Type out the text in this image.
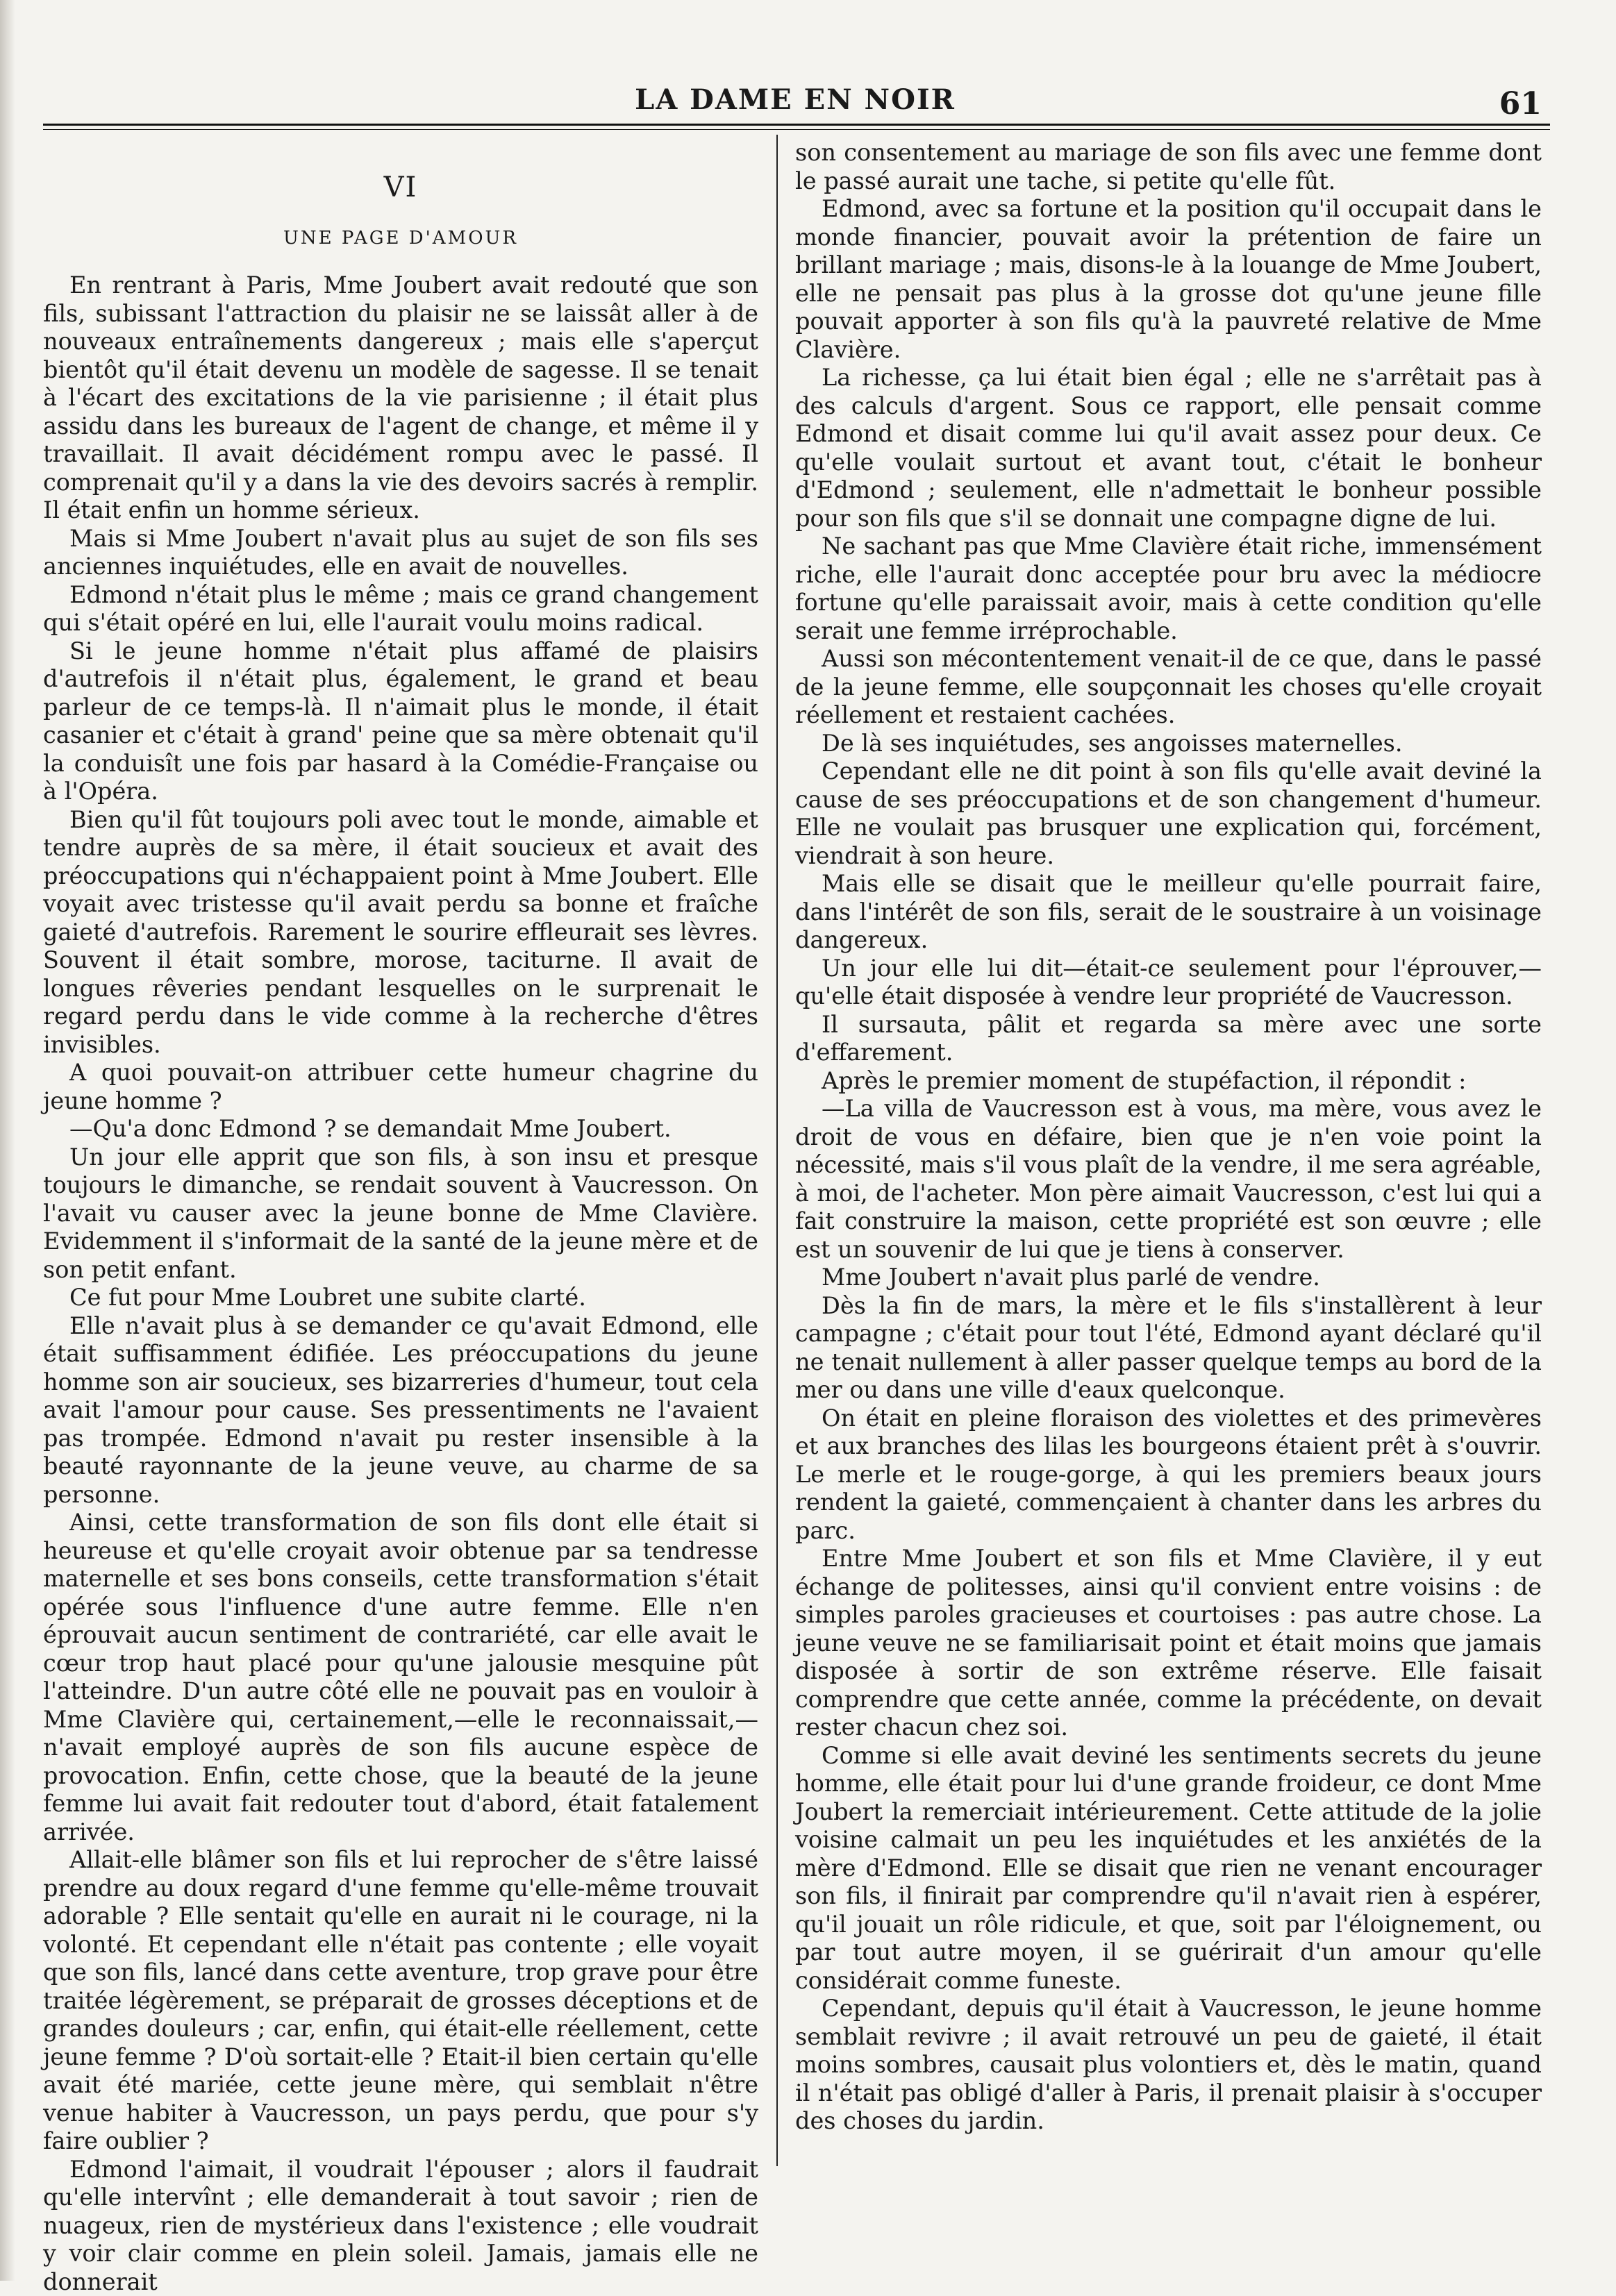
LA DAME EN NOIR	61
VI
UNE PAGE D'AMOUR

En rentrant à Paris, Mme Joubert avait redouté que son fils, subissant l'attraction du plaisir ne se laissât aller à de nouveaux entraînements dangereux ; mais elle s'aperçut bientôt qu'il était devenu un modèle de sagesse. Il se tenait à l'écart des excitations de la vie parisienne ; il était plus assidu dans les bureaux de l'agent de change, et même il y travaillait. Il avait décidément rompu avec le passé. Il comprenait qu'il y a dans la vie des devoirs sacrés à remplir. Il était enfin un homme sérieux.

Mais si Mme Joubert n'avait plus au sujet de son fils ses anciennes inquiétudes, elle en avait de nouvelles.

Edmond n'était plus le même ; mais ce grand changement qui s'était opéré en lui, elle l'aurait voulu moins radical.

Si le jeune homme n'était plus affamé de plaisirs d'autrefois il n'était plus, également, le grand et beau parleur de ce temps-là. Il n'aimait plus le monde, il était casanier et c'était à grand' peine que sa mère obtenait qu'il la conduisît une fois par hasard à la Comédie-Française ou à l'Opéra.

Bien qu'il fût toujours poli avec tout le monde, aimable et tendre auprès de sa mère, il était soucieux et avait des préoccupations qui n'échappaient point à Mme Joubert. Elle voyait avec tristesse qu'il avait perdu sa bonne et fraîche gaieté d'autrefois. Rarement le sourire effleurait ses lèvres. Souvent il était sombre, morose, taciturne. Il avait de longues rêveries pendant lesquelles on le surprenait le regard perdu dans le vide comme à la recherche d'êtres invisibles.

A quoi pouvait-on attribuer cette humeur chagrine du jeune homme ?

—Qu'a donc Edmond ? se demandait Mme Joubert.

Un jour elle apprit que son fils, à son insu et presque toujours le dimanche, se rendait souvent à Vaucresson. On l'avait vu causer avec la jeune bonne de Mme Clavière. Evidemment il s'informait de la santé de la jeune mère et de son petit enfant.

Ce fut pour Mme Loubret une subite clarté.

Elle n'avait plus à se demander ce qu'avait Edmond, elle était suffisamment édifiée. Les préoccupations du jeune homme son air soucieux, ses bizarreries d'humeur, tout cela avait l'amour pour cause. Ses pressentiments ne l'avaient pas trompée. Edmond n'avait pu rester insensible à la beauté rayonnante de la jeune veuve, au charme de sa personne.

Ainsi, cette transformation de son fils dont elle était si heureuse et qu'elle croyait avoir obtenue par sa tendresse maternelle et ses bons conseils, cette transformation s'était opérée sous l'influence d'une autre femme. Elle n'en éprouvait aucun sentiment de contrariété, car elle avait le cœur trop haut placé pour qu'une jalousie mesquine pût l'atteindre. D'un autre côté elle ne pouvait pas en vouloir à Mme Clavière qui, certainement,—elle le reconnaissait,—n'avait employé auprès de son fils aucune espèce de provocation. Enfin, cette chose, que la beauté de la jeune femme lui avait fait redouter tout d'abord, était fatalement arrivée.

Allait-elle blâmer son fils et lui reprocher de s'être laissé prendre au doux regard d'une femme qu'elle-même trouvait adorable ? Elle sentait qu'elle en aurait ni le courage, ni la volonté. Et cependant elle n'était pas contente ; elle voyait que son fils, lancé dans cette aventure, trop grave pour être traitée légèrement, se préparait de grosses déceptions et de grandes douleurs ; car, enfin, qui était-elle réellement, cette jeune femme ? D'où sortait-elle ? Etait-il bien certain qu'elle avait été mariée, cette jeune mère, qui semblait n'être venue habiter à Vaucresson, un pays perdu, que pour s'y faire oublier ?

Edmond l'aimait, il voudrait l'épouser ; alors il faudrait qu'elle intervînt ; elle demanderait à tout savoir ; rien de nuageux, rien de mystérieux dans l'existence ; elle voudrait y voir clair comme en plein soleil. Jamais, jamais elle ne donnerait

son consentement au mariage de son fils avec une femme dont le passé aurait une tache, si petite qu'elle fût.

Edmond, avec sa fortune et la position qu'il occupait dans le monde financier, pouvait avoir la prétention de faire un brillant mariage ; mais, disons-le à la louange de Mme Joubert, elle ne pensait pas plus à la grosse dot qu'une jeune fille pouvait apporter à son fils qu'à la pauvreté relative de Mme Clavière.

La richesse, ça lui était bien égal ; elle ne s'arrêtait pas à des calculs d'argent. Sous ce rapport, elle pensait comme Edmond et disait comme lui qu'il avait assez pour deux. Ce qu'elle voulait surtout et avant tout, c'était le bonheur d'Edmond ; seulement, elle n'admettait le bonheur possible pour son fils que s'il se donnait une compagne digne de lui.

Ne sachant pas que Mme Clavière était riche, immensément riche, elle l'aurait donc acceptée pour bru avec la médiocre fortune qu'elle paraissait avoir, mais à cette condition qu'elle serait une femme irréprochable.

Aussi son mécontentement venait-il de ce que, dans le passé de la jeune femme, elle soupçonnait les choses qu'elle croyait réellement et restaient cachées.

De là ses inquiétudes, ses angoisses maternelles.

Cependant elle ne dit point à son fils qu'elle avait deviné la cause de ses préoccupations et de son changement d'humeur. Elle ne voulait pas brusquer une explication qui, forcément, viendrait à son heure.

Mais elle se disait que le meilleur qu'elle pourrait faire, dans l'intérêt de son fils, serait de le soustraire à un voisinage dangereux.

Un jour elle lui dit—était-ce seulement pour l'éprouver,—qu'elle était disposée à vendre leur propriété de Vaucresson.

Il sursauta, pâlit et regarda sa mère avec une sorte d'effarement.

Après le premier moment de stupéfaction, il répondit :

—La villa de Vaucresson est à vous, ma mère, vous avez le droit de vous en défaire, bien que je n'en voie point la nécessité, mais s'il vous plaît de la vendre, il me sera agréable, à moi, de l'acheter. Mon père aimait Vaucresson, c'est lui qui a fait construire la maison, cette propriété est son œuvre ; elle est un souvenir de lui que je tiens à conserver.

Mme Joubert n'avait plus parlé de vendre.

Dès la fin de mars, la mère et le fils s'installèrent à leur campagne ; c'était pour tout l'été, Edmond ayant déclaré qu'il ne tenait nullement à aller passer quelque temps au bord de la mer ou dans une ville d'eaux quelconque.

On était en pleine floraison des violettes et des primevères et aux branches des lilas les bourgeons étaient prêt à s'ouvrir. Le merle et le rouge-gorge, à qui les premiers beaux jours rendent la gaieté, commençaient à chanter dans les arbres du parc.

Entre Mme Joubert et son fils et Mme Clavière, il y eut échange de politesses, ainsi qu'il convient entre voisins : de simples paroles gracieuses et courtoises : pas autre chose. La jeune veuve ne se familiarisait point et était moins que jamais disposée à sortir de son extrême réserve. Elle faisait comprendre que cette année, comme la précédente, on devait rester chacun chez soi.

Comme si elle avait deviné les sentiments secrets du jeune homme, elle était pour lui d'une grande froideur, ce dont Mme Joubert la remerciait intérieurement. Cette attitude de la jolie voisine calmait un peu les inquiétudes et les anxiétés de la mère d'Edmond. Elle se disait que rien ne venant encourager son fils, il finirait par comprendre qu'il n'avait rien à espérer, qu'il jouait un rôle ridicule, et que, soit par l'éloignement, ou par tout autre moyen, il se guérirait d'un amour qu'elle considérait comme funeste.

Cependant, depuis qu'il était à Vaucresson, le jeune homme semblait revivre ; il avait retrouvé un peu de gaieté, il était moins sombres, causait plus volontiers et, dès le matin, quand il n'était pas obligé d'aller à Paris, il prenait plaisir à s'occuper des choses du jardin.
